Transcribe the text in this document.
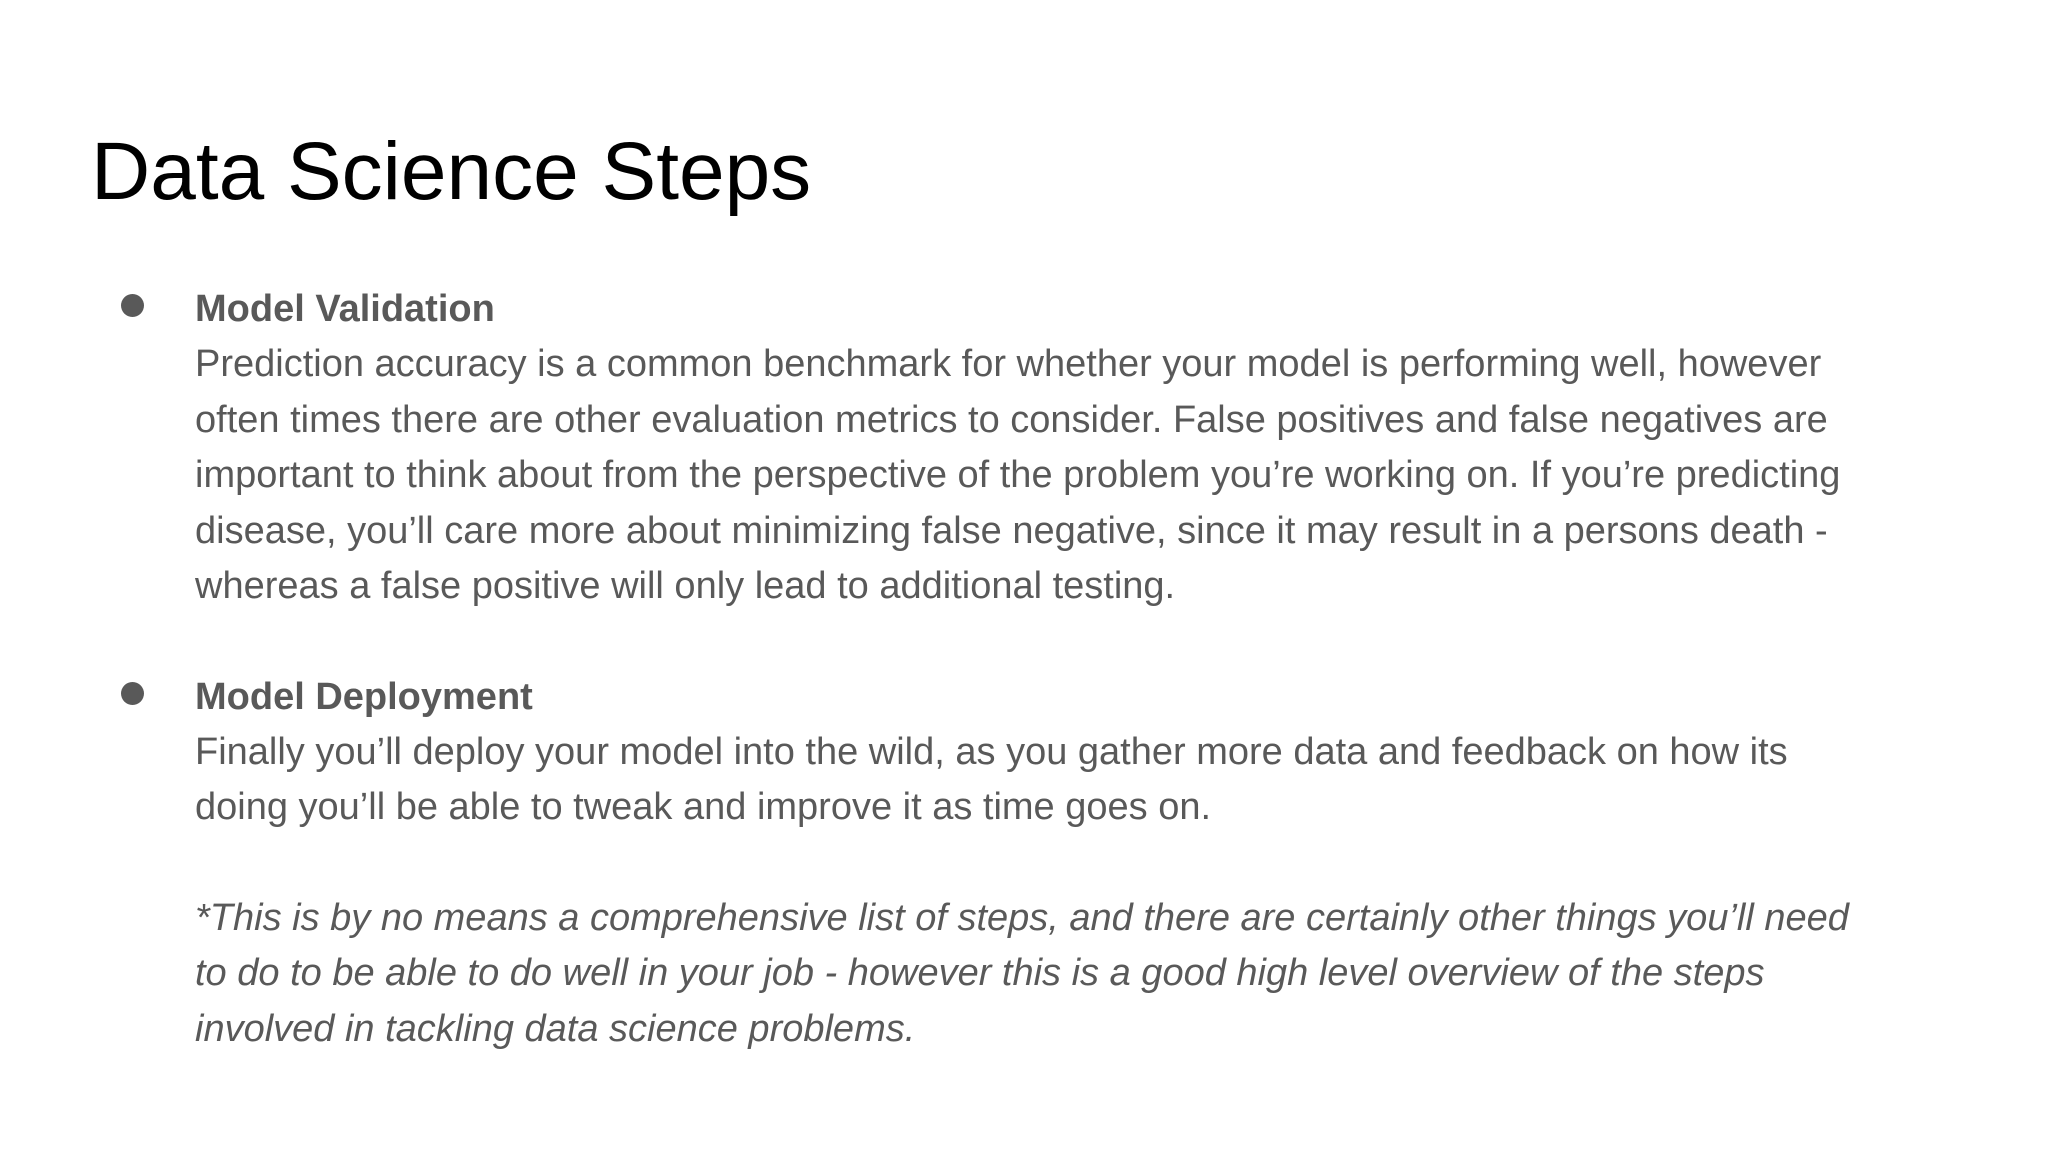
Data Science Steps
Model Validation
Prediction accuracy is a common benchmark for whether your model is performing well, however
often times there are other evaluation metrics to consider. False positives and false negatives are
important to think about from the perspective of the problem you’re working on. If you’re predicting
disease, you’ll care more about minimizing false negative, since it may result in a persons death -
whereas a false positive will only lead to additional testing.
Model Deployment
Finally you’ll deploy your model into the wild, as you gather more data and feedback on how its
doing you’ll be able to tweak and improve it as time goes on.
*This is by no means a comprehensive list of steps, and there are certainly other things you’ll need
to do to be able to do well in your job - however this is a good high level overview of the steps
involved in tackling data science problems.
